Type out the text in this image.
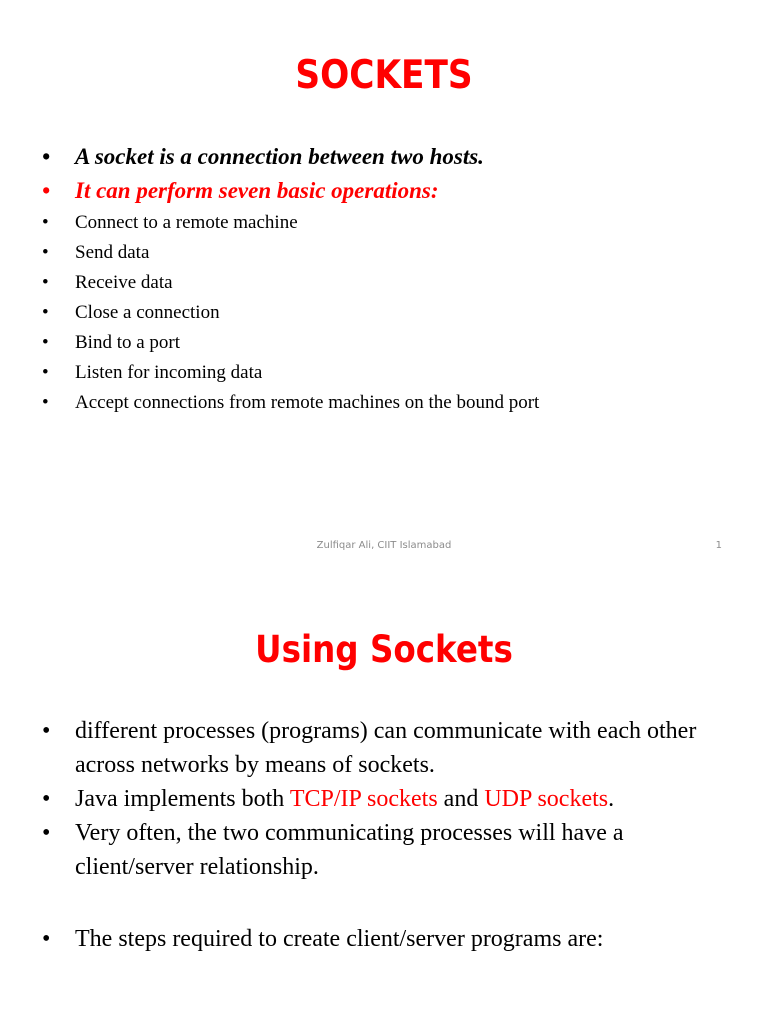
SOCKETS
• A socket is a connection between two hosts.
• It can perform seven basic operations:
• Connect to a remote machine
• Send data
• Receive data
• Close a connection
• Bind to a port
• Listen for incoming data
• Accept connections from remote machines on the bound port
Zulfiqar Ali, CIIT Islamabad	1
Using Sockets
• different processes (programs) can communicate with each other across networks by means of sockets.
• Java implements both TCP/IP sockets and UDP sockets.
• Very often, the two communicating processes will have a client/server relationship.
• The steps required to create client/server programs are:
